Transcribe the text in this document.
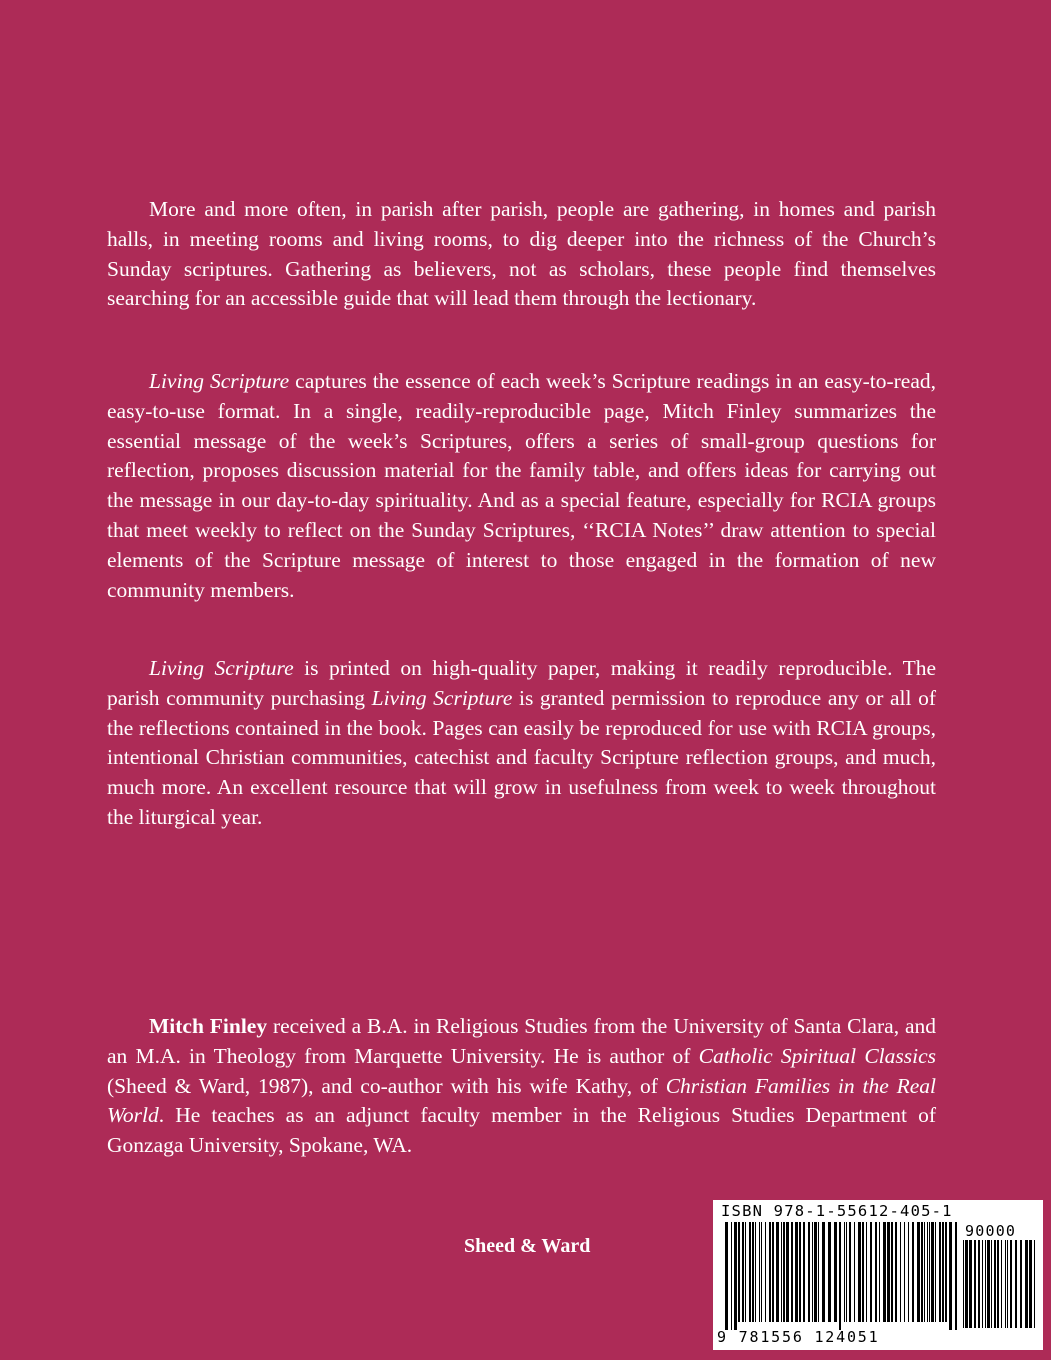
More and more often, in parish after parish, people are gathering, in homes and parish halls, in meeting rooms and living rooms, to dig deeper into the richness of the Church’s Sunday scriptures. Gathering as believers, not as scholars, these people find themselves searching for an accessible guide that will lead them through the lectionary.

Living Scripture captures the essence of each week’s Scripture readings in an easy-to-read, easy-to-use format. In a single, readily-reproducible page, Mitch Finley summarizes the essential message of the week’s Scriptures, offers a series of small-group questions for reflection, proposes discussion material for the family table, and offers ideas for carrying out the message in our day-to-day spirituality. And as a special feature, especially for RCIA groups that meet weekly to reflect on the Sunday Scriptures, ‘‘RCIA Notes’’ draw attention to special elements of the Scripture message of interest to those engaged in the formation of new community members.

Living Scripture is printed on high-quality paper, making it readily reproducible. The parish community purchasing Living Scripture is granted permission to reproduce any or all of the reflections contained in the book. Pages can easily be reproduced for use with RCIA groups, intentional Christian communities, catechist and faculty Scripture reflection groups, and much, much more. An excellent resource that will grow in usefulness from week to week throughout the liturgical year.

Mitch Finley received a B.A. in Religious Studies from the University of Santa Clara, and an M.A. in Theology from Marquette University. He is author of Catholic Spiritual Classics (Sheed & Ward, 1987), and co-author with his wife Kathy, of Christian Families in the Real World. He teaches as an adjunct faculty member in the Religious Studies Department of Gonzaga University, Spokane, WA.

Sheed & Ward

ISBN 978-1-55612-405-1
90000
9 781556 124051
